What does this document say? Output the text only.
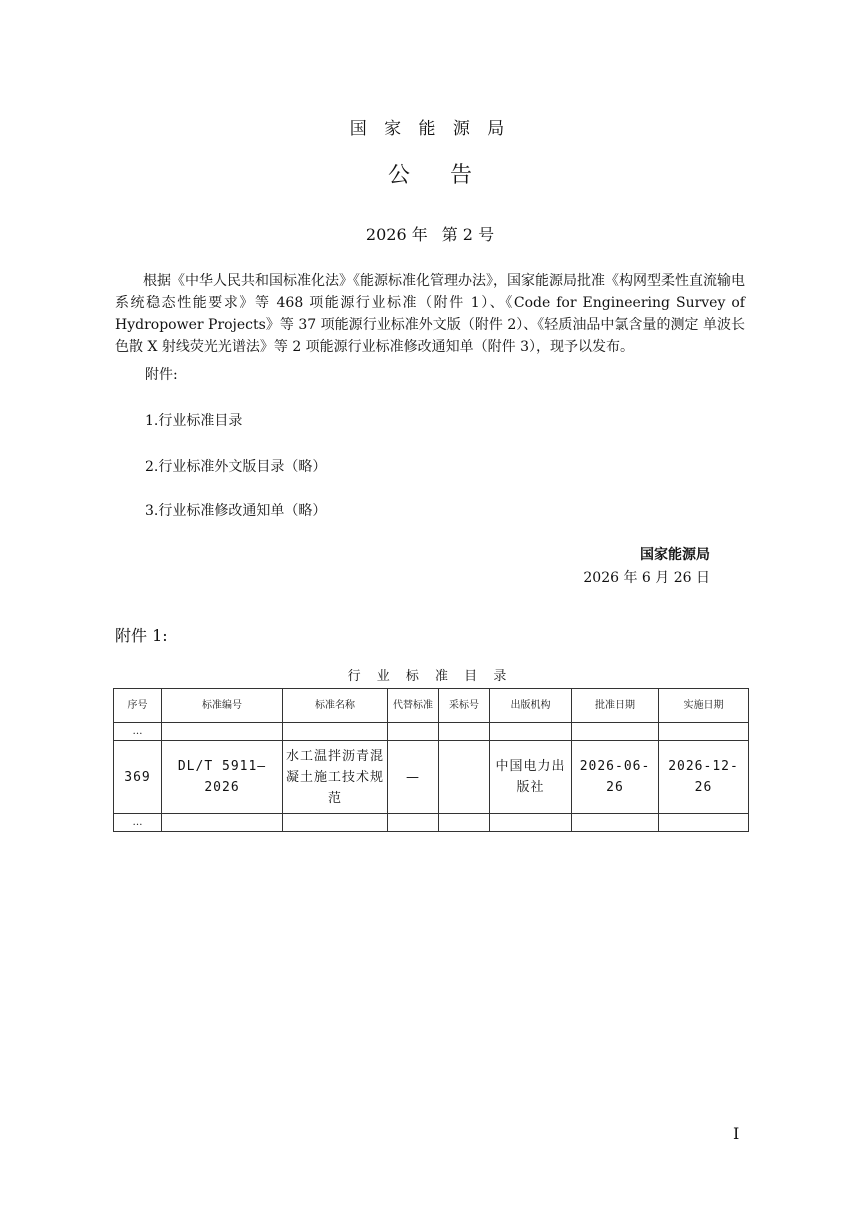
国 家 能 源 局
公告
2026 年 第 2 号
根据《中华人民共和国标准化法》《能源标准化管理办法》，国家能源局批准《构网型柔性直流输电系统稳态性能要求》等 468 项能源行业标准（附件 1）、《Code for Engineering Survey of Hydropower Projects》等 37 项能源行业标准外文版（附件 2）、《轻质油品中氯含量的测定 单波长色散 X 射线荧光光谱法》等 2 项能源行业标准修改通知单（附件 3），现予以发布。
附件:
1.行业标准目录
2.行业标准外文版目录（略）
3.行业标准修改通知单（略）
国家能源局
2026 年 6 月 26 日
附件 1:
行 业 标 准 目 录
序号	标准编号	标准名称	代替标准	采标号	出版机构	批准日期	实施日期
…							
369	DL/T 5911—2026	水工温拌沥青混凝土施工技术规范	—		中国电力出版社	2026-06-26	2026-12-26
…							
I
